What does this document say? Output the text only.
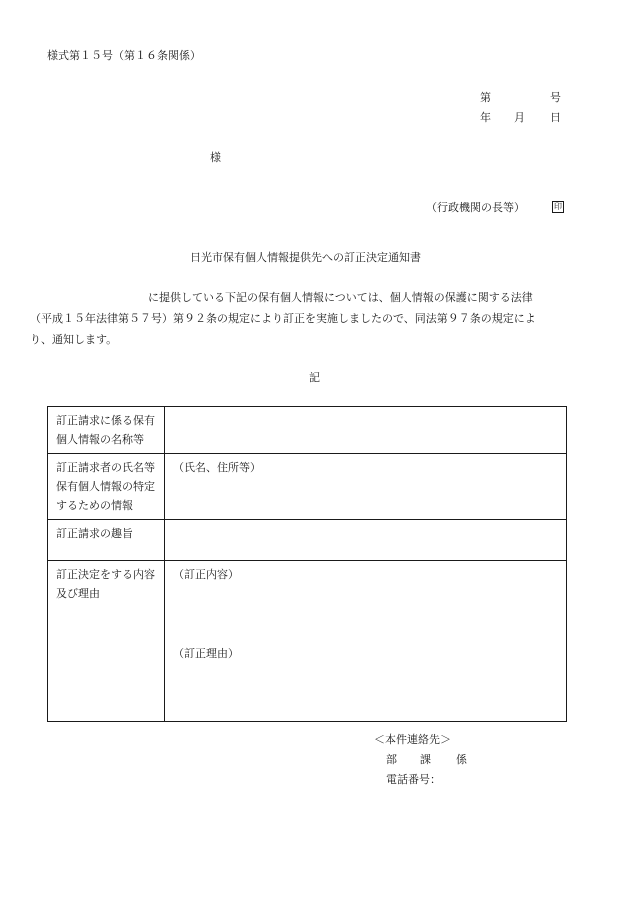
様式第１５号（第１６条関係）
第	号
年 月 日
様
（行政機関の長等）	印
日光市保有個人情報提供先への訂正決定通知書
に提供している下記の保有個人情報については、個人情報の保護に関する法律
（平成１５年法律第５７号）第９２条の規定により訂正を実施しましたので、同法第９７条の規定によ
り、通知します。
記
訂正請求に係る保有個人情報の名称等	
訂正請求者の氏名等保有個人情報の特定するための情報	（氏名、住所等）
訂正請求の趣旨	
訂正決定をする内容及び理由	（訂正内容）
（訂正理由）
＜本件連絡先＞
部 課 係
電話番号：
